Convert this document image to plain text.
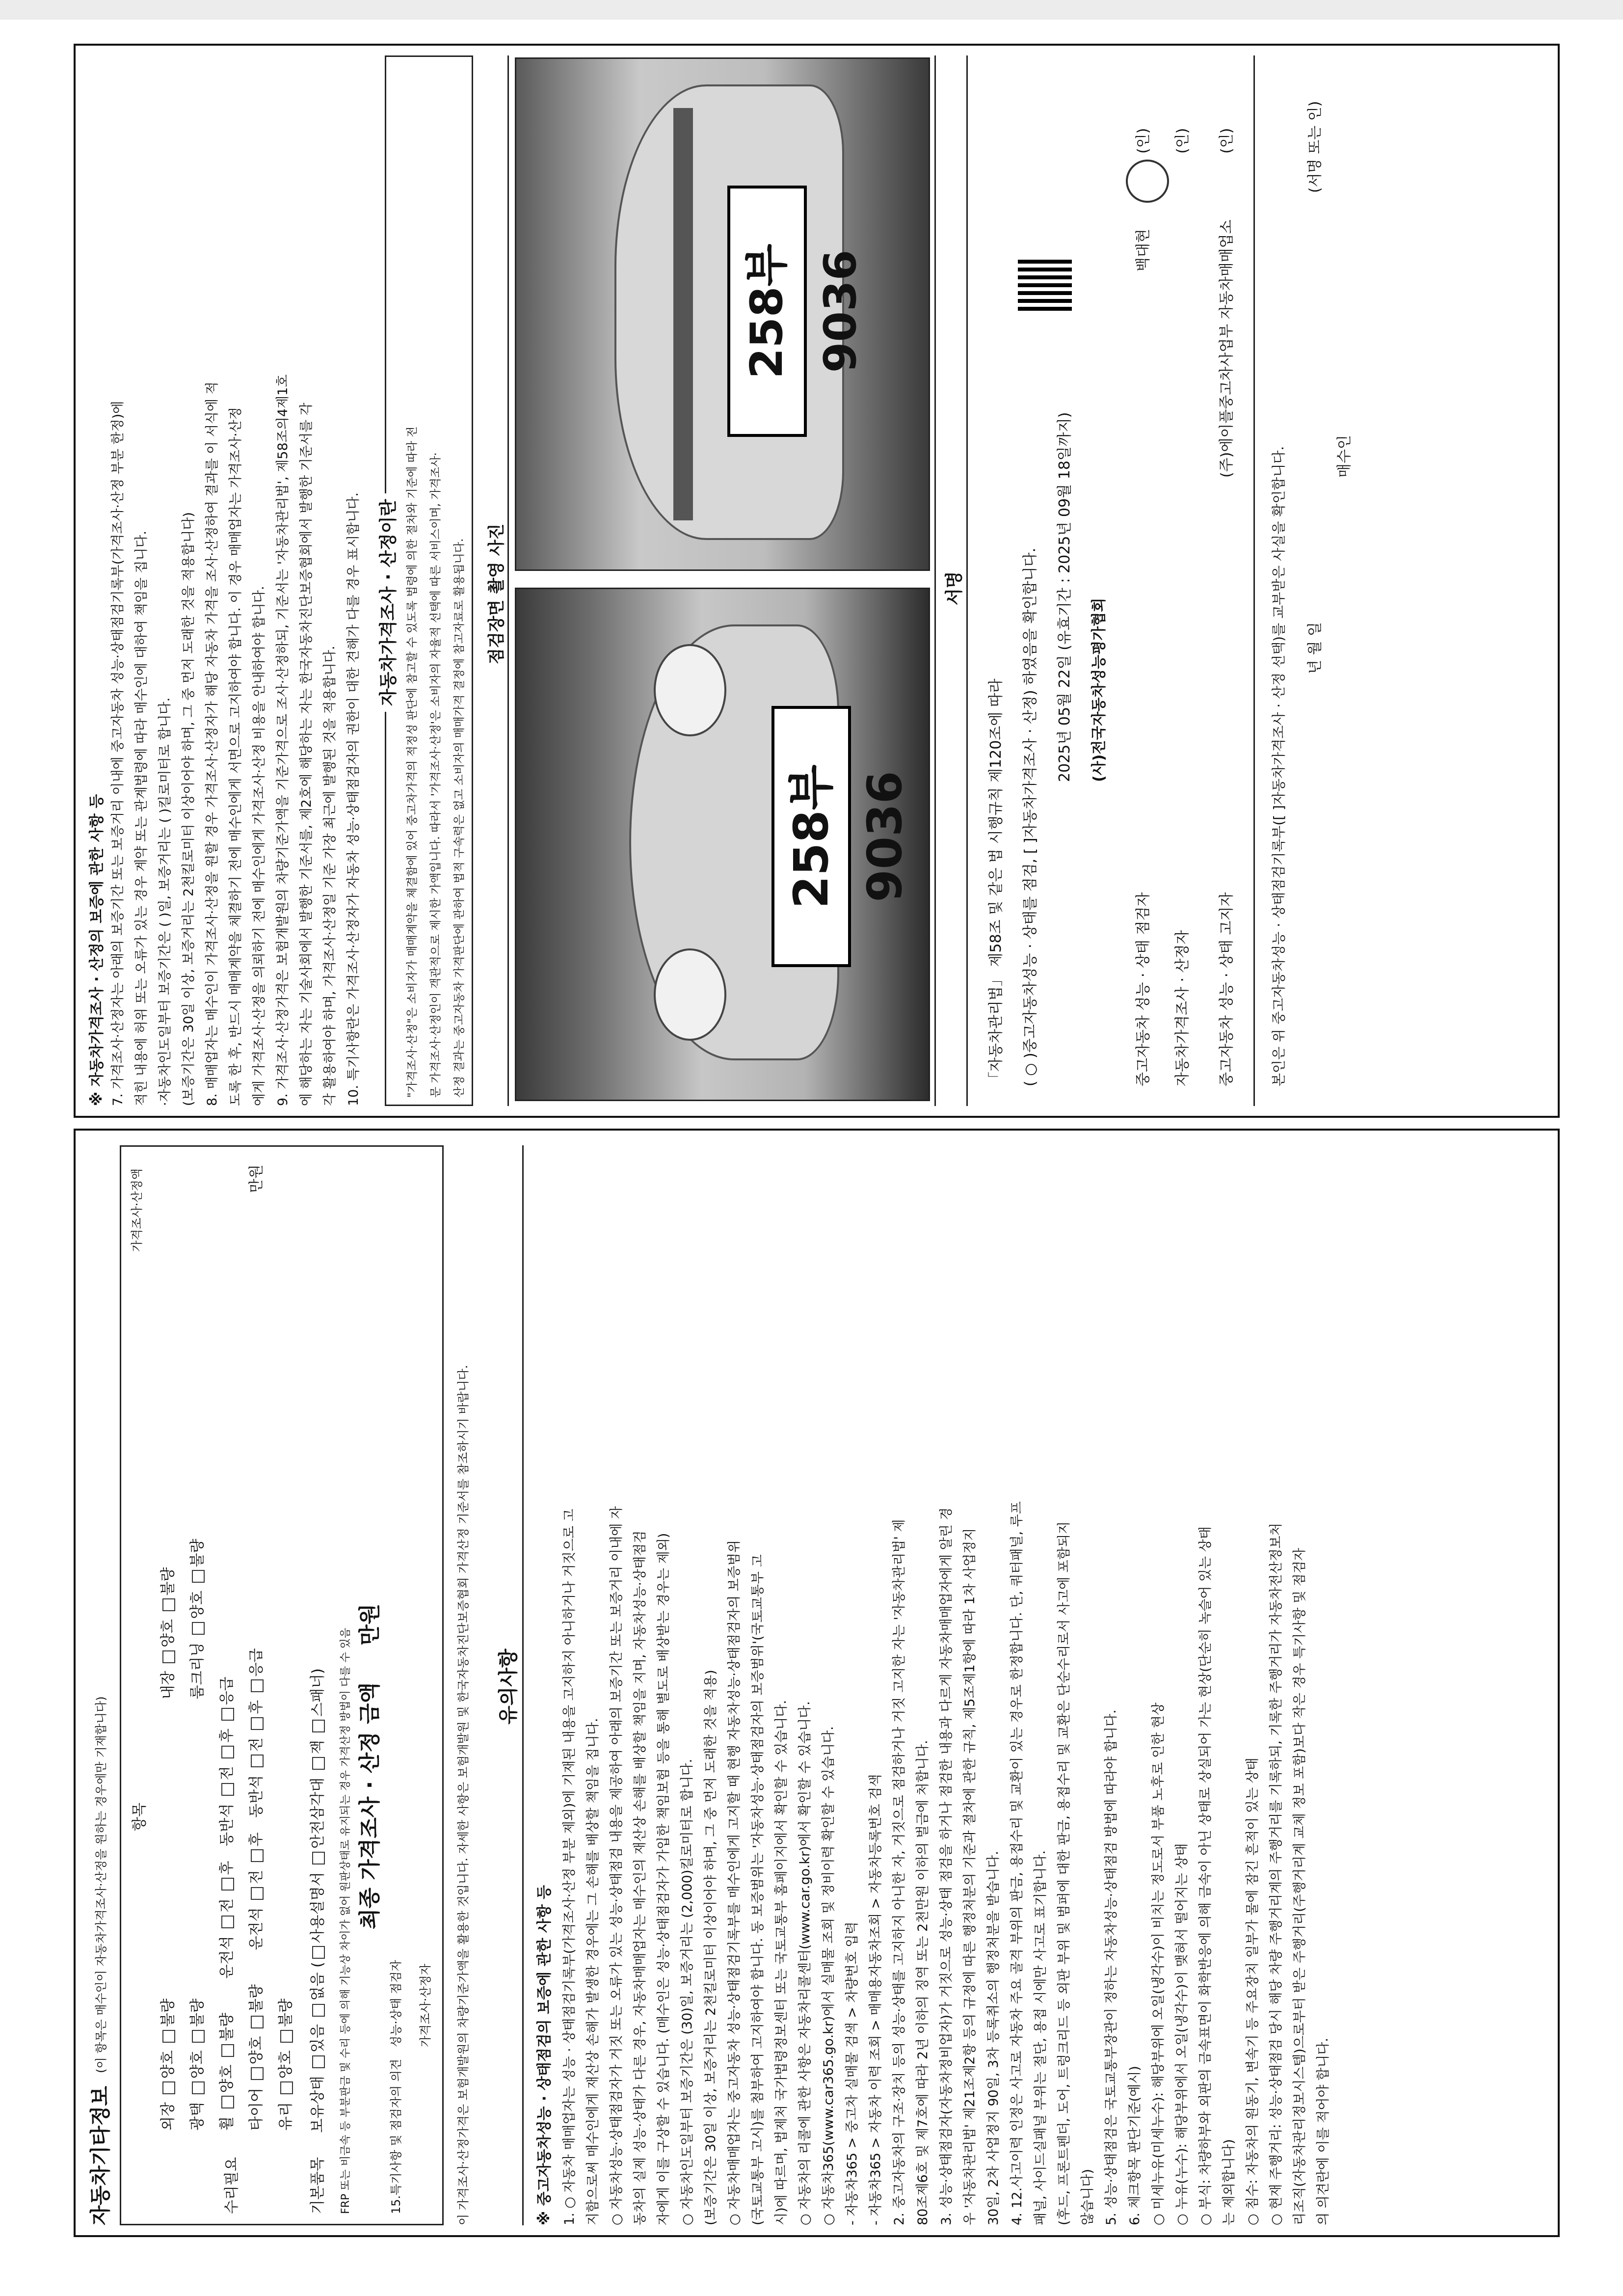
자동차기타정보
(이 항목은 매수인이 자동차가격조사·산정을 원하는 경우에만 기재합니다) 항목
가격조사·산정액
수리필요
만원
외장 양호 불량 내장 양호 불량
광택 양호 불량 룸크리닝 양호 불량
휠 양호 불량 운전석 전 후 동반석 전 후 응급
타이어 양호 불량 운전석 전 후 동반석 전 후 응급
유리 양호 불량
기본품목 보유상태 있음 없음 (사용설명서 안전삼각대 잭 스패너) FRP 또는 비금속 등 부분판금 및 수리 등에 의해 기능상 차이가 없어 원판상태로 유지되는 경우 가격산정 방법이 다를 수 있음 최종 가격조사 · 산정 금액 만원
15.특기사항 및 점검자의 의견
성능·상태 점검자 가격조사·산정자 이 가격조사·산정가격은 보험개발원의 차량기준가액을 활용한 것입니다. 자세한 사항은 보험개발원 및 한국자동차진단보증협회 가격산정 기준서를 참조하시기 바랍니다. 유의사항
※ 중고자동차성능 · 상태점검의 보증에 관한 사항 등 1. ○ 자동차 매매업자는 성능 · 상태점검기록부(가격조사·산정 부분 제외)에 기재된 내용을 고지하지 아니하거나 거짓으로 고 지함으로써 매수인에게 재산상 손해가 발생한 경우에는 그 손해를 배상할 책임을 집니다. ○ 자동차성능·상태점검자가 거짓 또는 오류가 있는 성능·상태점검 내용을 제공하여 아래의 보증기간 또는 보증거리 이내에 자 동차의 실제 성능·상태가 다른 경우, 자동차매매업자는 매수인의 재산상 손해를 배상할 책임을 지며, 자동차성능·상태점검 자에게 이를 구상할 수 있습니다. (매수인은 성능·상태점검자가 가입한 책임보험 등을 통해 별도로 배상받는 경우는 제외) ○ 자동차인도일부터 보증기간은 (30)일, 보증거리는 (2,000)킬로미터로 합니다. (보증기간은 30일 이상, 보증거리는 2천킬로미터 이상이어야 하며, 그 중 먼저 도래한 것을 적용) ○ 자동차매매업자는 중고자동차 성능·상태점검기록부를 매수인에게 고지할 때 현행 자동차성능·상태점검자의 보증범위 (국토교통부 고시)를 첨부하여 고지하여야 합니다. 동 보증범위는 '자동차성능·상태점검자의 보증범위'(국토교통부 고 시)에 따르며, 법제처 국가법령정보센터 또는 국토교통부 홈페이지에서 확인할 수 있습니다. ○ 자동차의 리콜에 관한 사항은 자동차리콜센터(www.car.go.kr)에서 확인할 수 있습니다. ○ 자동차365(www.car365.go.kr)에서 실매물 조회 및 정비이력 확인할 수 있습니다. - 자동차365 > 중고차 실매물 검색 > 차량번호 입력 - 자동차365 > 자동차 이력 조회 > 매매용자동차조회 > 자동차등록번호 검색 2. 중고자동차의 구조·장치 등의 성능·상태를 고지하지 아니한 자, 거짓으로 점검하거나 거짓 고지한 자는 '자동차관리법' 제 80조제6호 및 제7호에 따라 2년 이하의 징역 또는 2천만원 이하의 벌금에 처합니다. 3. 성능·상태점검자(자동차정비업자)가 거짓으로 성능·상태 점검을 하거나 점검한 내용과 다르게 자동차매매업자에게 알린 경 우 '자동차관리법' 제21조제2항 등의 규정에 따른 행정처분의 기준과 절차에 관한 규칙, 제5조제1항에 따라 1차 사업정지 30일, 2차 사업정지 90일, 3차 등록취소의 행정처분을 받습니다. 4. 12.사고이력 인정은 사고로 자동차 주요 골격 부위의 판금, 용접수리 및 교환이 있는 경우로 한정합니다. 단, 쿼터패널, 루프 패널, 사이드실패널 부위는 절단, 용접 시에만 사고로 표기합니다. (후드, 프론트펜더, 도어, 트렁크리드 등 외판 부위 및 범퍼에 대한 판금, 용접수리 및 교환은 단순수리로서 사고에 포함되지 않습니다) 5. 성능·상태점검은 국토교통부장관이 정하는 자동차성능·상태점검 방법에 따라야 합니다. 6. 체크항목 판단기준(예시) ○ 미세누유(미세누수): 해당부위에 오일(냉각수)이 비치는 정도로서 부품 노후로 인한 현상 ○ 누유(누수): 해당부위에서 오일(냉각수)이 맺혀서 떨어지는 상태 ○ 부식: 차량하부와 외판의 금속표면이 화학반응에 의해 금속이 아닌 상태로 상실되어 가는 현상(단순히 녹슬어 있는 상태 는 제외합니다) ○ 침수: 자동차의 원동기, 변속기 등 주요장치 일부가 물에 잠긴 흔적이 있는 상태 ○ 현재 주행거리: 성능·상태점검 당시 해당 차량 주행거리계의 주행거리를 기록하되, 기록한 주행거리가 자동차전산정보처 리조직(자동차관리정보시스템)으로부터 받은 주행거리(주행거리계 교체 정보 포함)보다 작은 경우 특기사항 및 점검자 의 의견란에 이를 적어야 합니다.

※ 자동차가격조사 · 산정의 보증에 관한 사항 등 7. 가격조사·산정자는 아래의 보증기간 또는 보증거리 이내에 중고자동차 성능·상태점검기록부(가격조사·산정 부분 한정)에 적힌 내용에 허위 또는 오류가 있는 경우 계약 또는 관계법령에 따라 매수인에 대하여 책임을 집니다. ·자동차인도일부터 보증기간은 ( )일, 보증거리는 ( )킬로미터로 합니다. (보증기간은 30일 이상, 보증거리는 2천킬로미터 이상이어야 하며, 그 중 먼저 도래한 것을 적용합니다) 8. 매매업자는 매수인이 가격조사·산정을 원할 경우 가격조사·산정자가 해당 자동차 가격을 조사·산정하여 결과를 이 서식에 적 도록 한 후, 반드시 매매계약을 체결하기 전에 매수인에게 서면으로 고지하여야 합니다. 이 경우 매매업자는 가격조사·산정 에게 가격조사·산정을 의뢰하기 전에 매수인에게 가격조사·산정 비용을 안내하여야 합니다. 9. 가격조사·산정가격은 보험개발원의 차량기준가액을 기준가격으로 조사·산정하되, 기준서는 '자동차관리법', 제58조의4제1호 에 해당하는 자는 기술사회에서 발행한 기준서를, 제2호에 해당하는 자는 한국자동차진단보증협회에서 발행한 기준서를 각 각 활용하여야 하며, 가격조사·산정일 기준 가장 최근에 발행된 것을 적용합니다. 10. 특기사항란은 가격조사·산정자가 자동차 성능·상태점검자의 권한이 대한 견해가 다를 경우 표시합니다. 자동차가격조사 · 산정이란 "가격조사·산정"은 소비자가 매매계약을 체결함에 있어 중고차가격의 적정성 판단에 참고할 수 있도록 법령에 의한 절차와 기준에 따라 전 문 가격조사·산정인이 객관적으로 제시한 가액입니다. 따라서 '가격조사·산정'은 소비자의 자율적 선택에 따른 서비스이며, 가격조사· 산정 결과는 중고자동차 가격판단에 관하여 법적 구속력은 없고 소비자의 매매가격 결정에 참고자료로 활용됩니다. 점검장면 촬영 사진
258부 9036
258부 9036
서명
「자동차관리법」 제58조 및 같은 법 시행규칙 제120조에 따라 ( ○ )중고자동차성능 · 상태를 점검, [ ]자동차가격조사 · 산정) 하였음을 확인합니다. 2025년 05월 22일 (유효기간 : 2025년 09월 18일까지) (사)전국자동차성능평가협회
중고자동차 성능 · 상태 점검자
백대현
(인)
자동차가격조사 · 산정자
(인)
중고자동차 성능 · 상태 고지자
(주)에이플중고차사업부 자동차매매업소
(인)
본인은 위 중고자동차성능 · 상태점검기록부([ ]자동차가격조사 · 산정 선택)를 교부받은 사실을 확인합니다. 년 월 일
매수인
(서명 또는 인)
